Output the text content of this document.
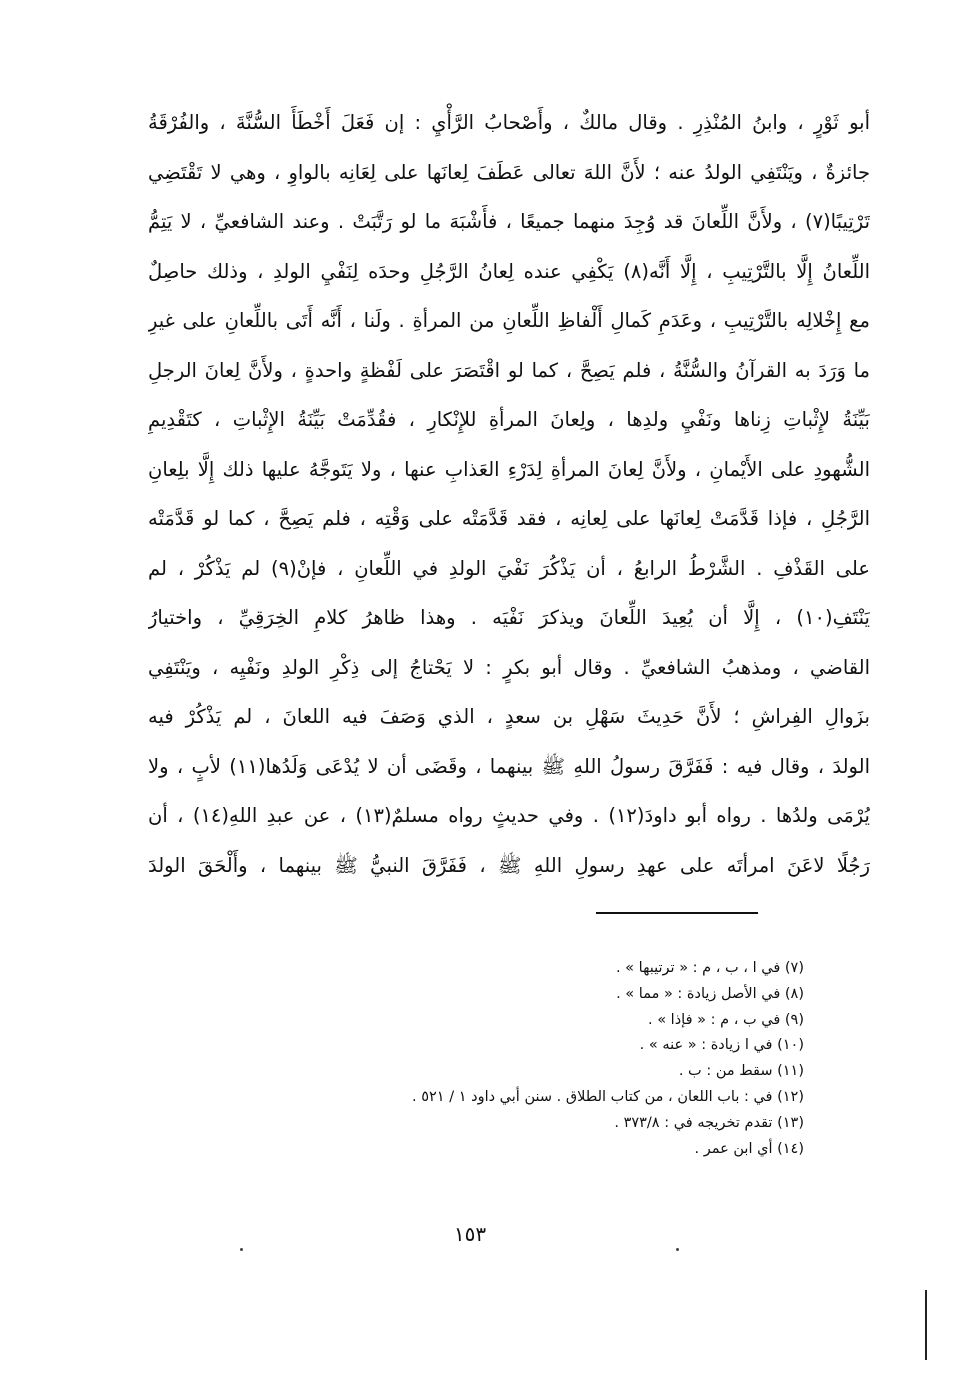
أبو ثَوْرٍ ، وابنُ المُنْذِرِ . وقال مالكٌ ، وأَصْحابُ الرَّأْيِ : إن فَعَلَ أَخْطَأَ السُّنَّةَ ، والفُرْقَةُ
جائزةٌ ، ويَنْتَفِي الولدُ عنه ؛ لأَنَّ اللهَ تعالى عَطَفَ لِعانَها على لِعَانِه بالواوِ ، وهي لا تَقْتَضِي
تَرْتِيبًا(٧) ، ولأَنَّ اللِّعانَ قد وُجِدَ منهما جميعًا ، فأَشْبَهَ ما لو رَتَّبَتْ . وعند الشافعيِّ ، لا يَتِمُّ
اللِّعانُ إِلَّا بالتَّرْتِيبِ ، إِلَّا أَنَّه(٨) يَكْفِي عنده لِعانُ الرَّجُلِ وحدَه لِنَفْيِ الولدِ ، وذلك حاصِلٌ
مع إِخْلالِه بالتَّرْتِيبِ ، وعَدَمِ كَمالِ أَلْفاظِ اللِّعانِ من المرأةِ . ولَنا ، أَنَّه أَتَى باللِّعانِ على غيرِ
ما وَرَدَ به القرآنُ والسُّنَّةُ ، فلم يَصِحَّ ، كما لو اقْتَصَرَ على لَفْظةٍ واحدةٍ ، ولأَنَّ لِعانَ الرجلِ
بَيِّنَةُ لإِثْباتِ زِناها ونَفْيِ ولدِها ، ولِعانَ المرأةِ للإِنْكارِ ، فقُدِّمَتْ بَيِّنَةُ الإِثْباتِ ، كتَقْدِيمِ
الشُّهودِ على الأَيْمانِ ، ولأَنَّ لِعانَ المرأةِ لِدَرْءِ العَذابِ عنها ، ولا يَتَوجَّهُ عليها ذلك إِلَّا بلِعانِ
الرَّجُلِ ، فإذا قَدَّمَتْ لِعانَها على لِعانِه ، فقد قَدَّمَتْه على وَقْتِه ، فلم يَصِحَّ ، كما لو قَدَّمَتْه
على القَذْفِ . الشَّرْطُ الرابعُ ، أن يَذْكُرَ نَفْيَ الولدِ في اللِّعانِ ، فإنْ(٩) لم يَذْكُرْ ، لم
يَنْتَفِ(١٠) ، إِلَّا أن يُعِيدَ اللِّعانَ ويذكرَ نَفْيَه . وهذا ظاهرُ كلامِ الخِرَقِيِّ ، واختيارُ
القاضي ، ومذهبُ الشافعيِّ . وقال أبو بكرٍ : لا يَحْتاجُ إلى ذِكْرِ الولدِ ونَفْيِه ، ويَنْتَفِي
بزَوالِ الفِراشِ ؛ لأَنَّ حَدِيثَ سَهْلِ بن سعدٍ ، الذي وَصَفَ فيه اللعانَ ، لم يَذْكُرْ فيه
الولدَ ، وقال فيه : فَفَرَّقَ رسولُ اللهِ ﷺ بينهما ، وقَضَى أن لا يُدْعَى وَلَدُها(١١) لأبٍ ، ولا
يُرْمَى ولدُها . رواه أبو داودَ(١٢) . وفي حديثٍ رواه مسلمٌ(١٣) ، عن عبدِ اللهِ(١٤) ، أن
رَجُلًا لاعَنَ امرأتَه على عهدِ رسولِ اللهِ ﷺ ، فَفَرَّقَ النبيُّ ﷺ بينهما ، وأَلْحَقَ الولدَ
(٧) في ا ، ب ، م : « ترتيبها » .
(٨) في الأصل زيادة : « مما » .
(٩) في ب ، م : « فإذا » .
(١٠) في ا زيادة : « عنه » .
(١١) سقط من : ب .
(١٢) في : باب اللعان ، من كتاب الطلاق . سنن أبي داود ١ / ٥٢١ .
(١٣) تقدم تخريجه في : ٣٧٣/٨ .
(١٤) أي ابن عمر .
١٥٣
